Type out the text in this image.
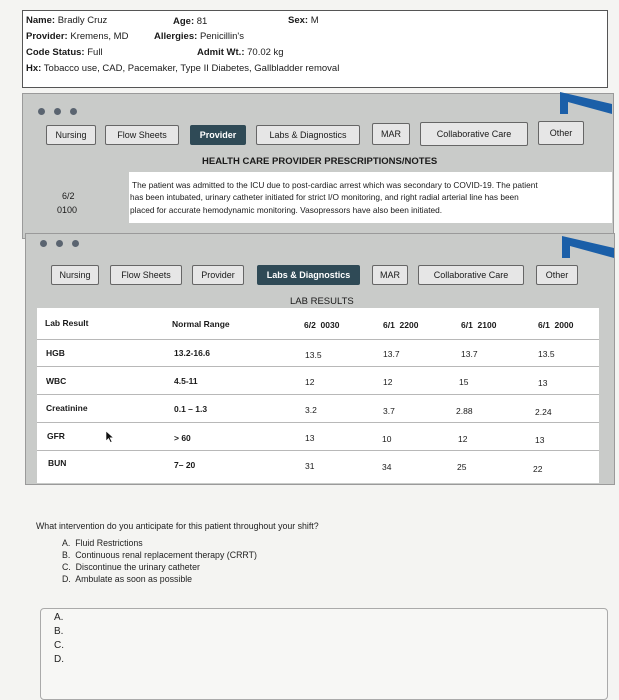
Name: Bradly Cruz	Age: 81	Sex: M
Provider: Kremens, MD	Allergies: Penicillin's
Code Status: Full	Admit Wt.: 70.02 kg
Hx: Tobacco use, CAD, Pacemaker, Type II Diabetes, Gallbladder removal
Nursing	Flow Sheets	Provider	Labs & Diagnostics	MAR	Collaborative Care	Other
HEALTH CARE PROVIDER PRESCRIPTIONS/NOTES
6/2
0100
The patient was admitted to the ICU due to post-cardiac arrest which was secondary to COVID-19. The patient
has been intubated, urinary catheter initiated for strict I/O monitoring, and right radial arterial line has been
placed for accurate hemodynamic monitoring. Vasopressors have also been initiated.
Nursing	Flow Sheets	Provider	Labs & Diagnostics	MAR	Collaborative Care	Other
LAB RESULTS
Lab Result	Normal Range	6/2  0030	6/1  2200	6/1  2100	6/1  2000
HGB	13.2-16.6	13.5	13.7	13.7	13.5
WBC	4.5-11	12	12	15	13
Creatinine	0.1 – 1.3	3.2	3.7	2.88	2.24
GFR	> 60	13	10	12	13
BUN	7– 20	31	34	25	22
What intervention do you anticipate for this patient throughout your shift?
A.  Fluid Restrictions
B.  Continuous renal replacement therapy (CRRT)
C.  Discontinue the urinary catheter
D.  Ambulate as soon as possible
A.
B.
C.
D.
